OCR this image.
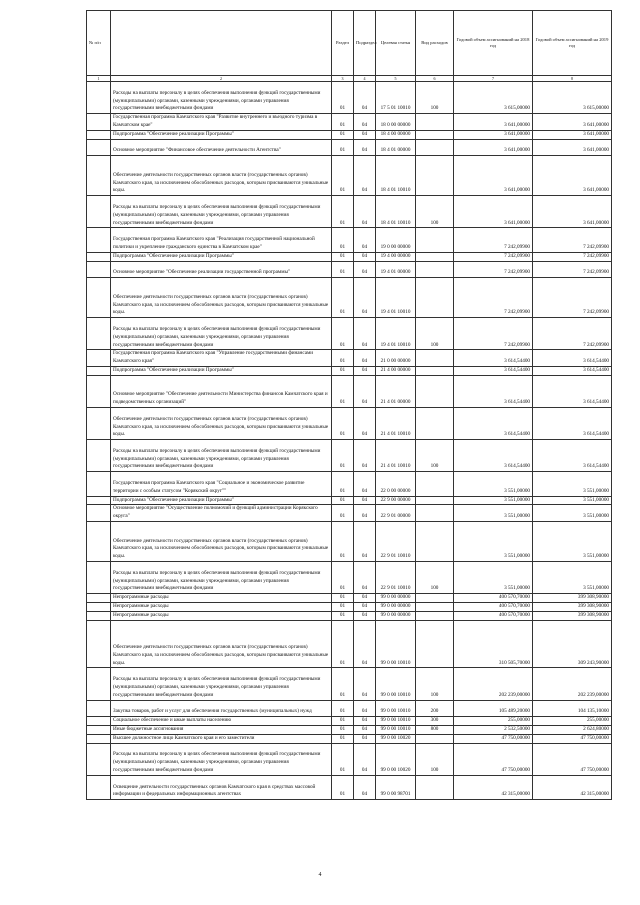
№ п/п		Раздел	Подраздел	Целевая статья	Вид расходов	Годовой объем ассигнований на 2018 год	Годовой объем ассигнований на 2019 год
1	2	3	4	5	6	7	8
	Расходы на выплаты персоналу в целях обеспечения выполнения функций государственными (муниципальными) органами, казенными учреждениями, органами управления государственными внебюджетными фондами	01	04	17 5 01 10010	100	3 615,00000	3 615,00000
	Государственная программа Камчатского края "Развитие внутреннего и въездного туризма в Камчатском крае"	01	04	18 0 00 00000		3 641,00000	3 641,00000
	Подпрограмма "Обеспечение реализации Программы"	01	04	18 4 00 00000		3 641,00000	3 641,00000
	Основное мероприятие "Финансовое обеспечение деятельности Агентства"	01	04	18 4 01 00000		3 641,00000	3 641,00000
	Обеспечение деятельности государственных органов власти (государственных органов) Камчатского края, за исключением обособленных расходов, которым присваиваются уникальные коды.	01	04	18 4 01 10010		3 641,00000	3 641,00000
	Расходы на выплаты персоналу в целях обеспечения выполнения функций государственными (муниципальными) органами, казенными учреждениями, органами управления государственными внебюджетными фондами	01	04	18 4 01 10010	100	3 641,00000	3 641,00000
	Государственная программа Камчатского края "Реализация государственной национальной политики и укрепление гражданского единства в Камчатском крае"	01	04	19 0 00 00000		7 242,09900	7 242,09900
	Подпрограмма "Обеспечение реализации Программы"	01	04	19 4 00 00000		7 242,09900	7 242,09900
	Основное мероприятие "Обеспечение реализации государственной программы"	01	04	19 4 01 00000		7 242,09900	7 242,09900
	Обеспечение деятельности государственных органов власти (государственных органов) Камчатского края, за исключением обособленных расходов, которым присваиваются уникальные коды.	01	04	19 4 01 10010		7 242,09900	7 242,09900
	Расходы на выплаты персоналу в целях обеспечения выполнения функций государственными (муниципальными) органами, казенными учреждениями, органами управления государственными внебюджетными фондами	01	04	19 4 01 10010	100	7 242,09900	7 242,09900
	Государственная программа Камчатского края "Управление государственными финансами Камчатского края"	01	04	21 0 00 00000		3 614,54400	3 614,54400
	Подпрограмма "Обеспечение реализации Программы"	01	04	21 4 00 00000		3 614,54400	3 614,54400
	Основное мероприятие "Обеспечение деятельности Министерства финансов Камчатского края и подведомственных организаций"	01	04	21 4 01 00000		3 614,54400	3 614,54400
	Обеспечение деятельности государственных органов власти (государственных органов) Камчатского края, за исключением обособленных расходов, которым присваиваются уникальные коды.	01	04	21 4 01 10010		3 614,54400	3 614,54400
	Расходы на выплаты персоналу в целях обеспечения выполнения функций государственными (муниципальными) органами, казенными учреждениями, органами управления государственными внебюджетными фондами	01	04	21 4 01 10010	100	3 614,54400	3 614,54400
	Государственная программа Камчатского края "Социальное и экономическое развитие территории с особым статусом "Корякский округ""	01	04	22 0 00 00000		3 551,00000	3 551,00000
	Подпрограмма "Обеспечение реализации Программы"	01	04	22 9 00 00000		3 551,00000	3 551,00000
	Основное мероприятие "Осуществление полномочий и функций администрации Корякского округа"	01	04	22 9 01 00000		3 551,00000	3 551,00000
	Обеспечение деятельности государственных органов власти (государственных органов) Камчатского края, за исключением обособленных расходов, которым присваиваются уникальные коды.	01	04	22 9 01 10010		3 551,00000	3 551,00000
	Расходы на выплаты персоналу в целях обеспечения выполнения функций государственными (муниципальными) органами, казенными учреждениями, органами управления государственными внебюджетными фондами	01	04	22 9 01 10010	100	3 551,00000	3 551,00000
	Непрограммные расходы	01	04	99 0 00 00000		400 570,70000	399 308,90000
	Непрограммные расходы	01	04	99 0 00 00000		400 570,70000	399 308,90000
	Непрограммные расходы	01	04	99 0 00 00000		400 570,70000	399 308,90000
	Обеспечение деятельности государственных органов власти (государственных органов) Камчатского края, за исключением обособленных расходов, которым присваиваются уникальные коды.	01	04	99 0 00 10010		310 505,70000	309 243,90000
	Расходы на выплаты персоналу в целях обеспечения выполнения функций государственными (муниципальными) органами, казенными учреждениями, органами управления государственными внебюджетными фондами	01	04	99 0 00 10010	100	202 239,00000	202 239,00000
	Закупка товаров, работ и услуг для обеспечения государственных (муниципальных) нужд	01	04	99 0 00 10010	200	105 489,20000	104 135,10000
	Социальное обеспечение и иные выплаты населению	01	04	99 0 00 10010	300	255,00000	255,00000
	Иные бюджетные ассигнования	01	04	99 0 00 10010	800	2 532,50000	2 624,80000
	Высшее должностное лицо Камчатского края и его заместители	01	04	99 0 00 10020		47 750,00000	47 750,00000
	Расходы на выплаты персоналу в целях обеспечения выполнения функций государственными (муниципальными) органами, казенными учреждениями, органами управления государственными внебюджетными фондами	01	04	99 0 00 10020	100	47 750,00000	47 750,00000
	Освещение деятельности государственных органов Камчатского края в средствах массовой информации и федеральных информационных агентствах	01	04	99 0 00 98701		42 315,00000	42 315,00000
4
